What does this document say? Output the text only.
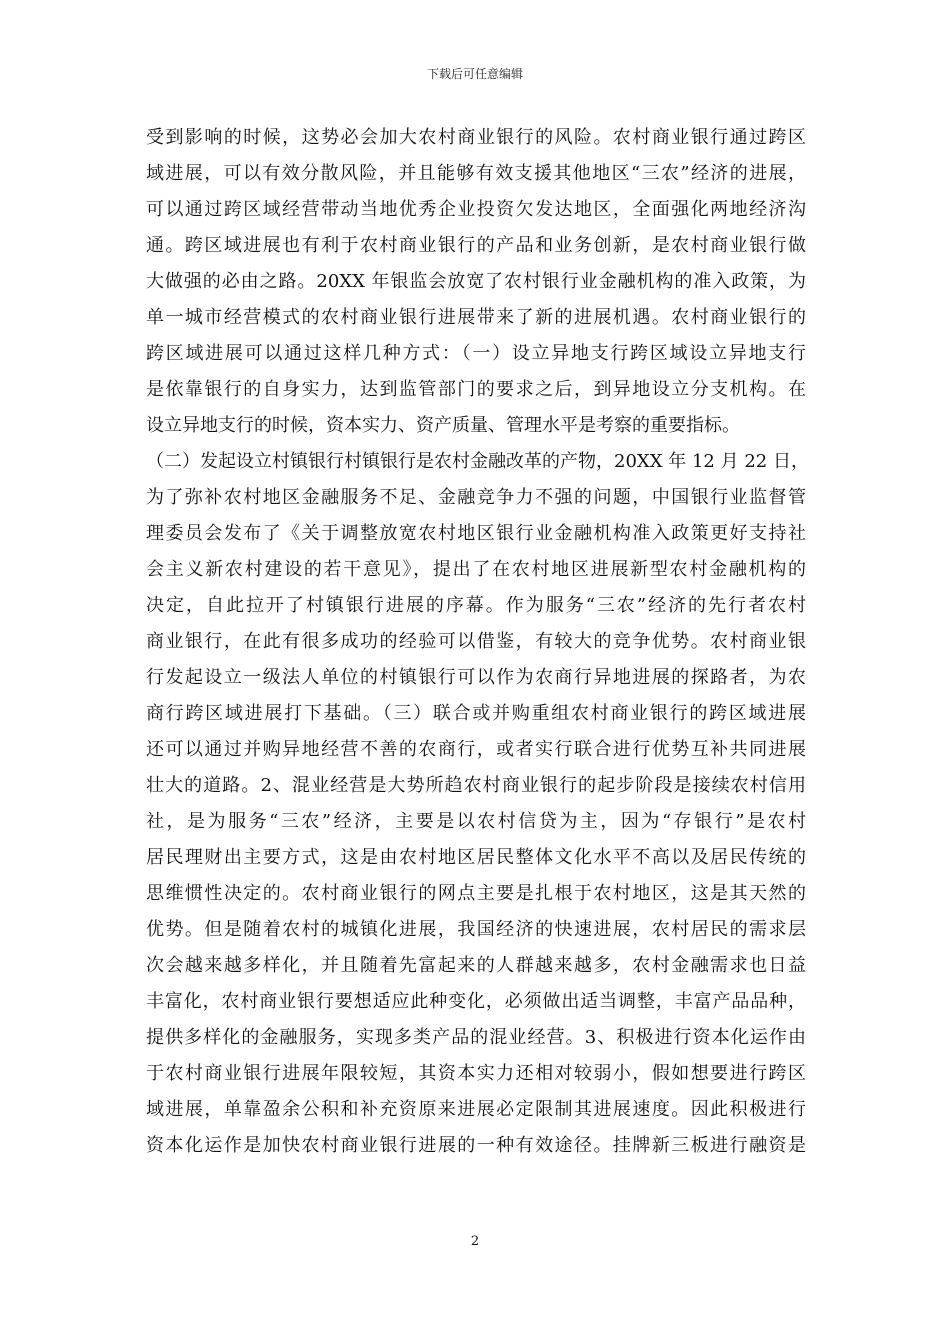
下载后可任意编辑
受到影响的时候，这势必会加大农村商业银行的风险。农村商业银行通过跨区
域进展，可以有效分散风险，并且能够有效支援其他地区“三农”经济的进展，
可以通过跨区域经营带动当地优秀企业投资欠发达地区，全面强化两地经济沟
通。跨区域进展也有利于农村商业银行的产品和业务创新，是农村商业银行做
大做强的必由之路。20XX 年银监会放宽了农村银行业金融机构的准入政策，为
单一城市经营模式的农村商业银行进展带来了新的进展机遇。农村商业银行的
跨区域进展可以通过这样几种方式：（一）设立异地支行跨区域设立异地支行
是依靠银行的自身实力，达到监管部门的要求之后，到异地设立分支机构。在
设立异地支行的时候，资本实力、资产质量、管理水平是考察的重要指标。
（二）发起设立村镇银行村镇银行是农村金融改革的产物，20XX 年 12 月 22 日，
为了弥补农村地区金融服务不足、金融竞争力不强的问题，中国银行业监督管
理委员会发布了《关于调整放宽农村地区银行业金融机构准入政策更好支持社
会主义新农村建设的若干意见》，提出了在农村地区进展新型农村金融机构的
决定，自此拉开了村镇银行进展的序幕。作为服务“三农”经济的先行者农村
商业银行，在此有很多成功的经验可以借鉴，有较大的竞争优势。农村商业银
行发起设立一级法人单位的村镇银行可以作为农商行异地进展的探路者，为农
商行跨区域进展打下基础。（三）联合或并购重组农村商业银行的跨区域进展
还可以通过并购异地经营不善的农商行，或者实行联合进行优势互补共同进展
壮大的道路。2、混业经营是大势所趋农村商业银行的起步阶段是接续农村信用
社，是为服务“三农”经济，主要是以农村信贷为主，因为“存银行”是农村
居民理财出主要方式，这是由农村地区居民整体文化水平不高以及居民传统的
思维惯性决定的。农村商业银行的网点主要是扎根于农村地区，这是其天然的
优势。但是随着农村的城镇化进展，我国经济的快速进展，农村居民的需求层
次会越来越多样化，并且随着先富起来的人群越来越多，农村金融需求也日益
丰富化，农村商业银行要想适应此种变化，必须做出适当调整，丰富产品品种，
提供多样化的金融服务，实现多类产品的混业经营。3、积极进行资本化运作由
于农村商业银行进展年限较短，其资本实力还相对较弱小，假如想要进行跨区
域进展，单靠盈余公积和补充资原来进展必定限制其进展速度。因此积极进行
资本化运作是加快农村商业银行进展的一种有效途径。挂牌新三板进行融资是
2
